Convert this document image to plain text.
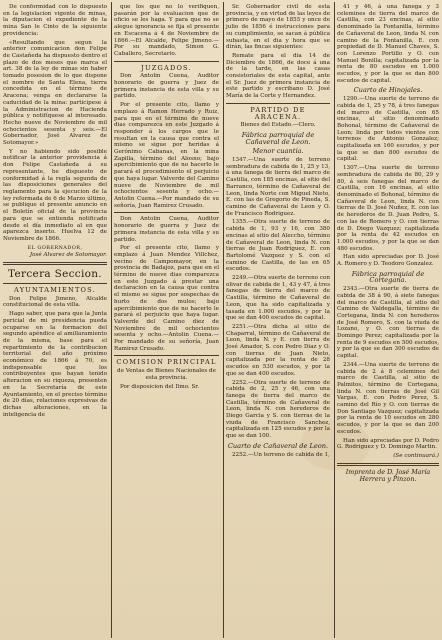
De conformidad con lo dispuesto en la legislacion vigente de minas, la diputacion el expediente de la mina San le Cinto de la siguiente providencia:

«Resultando que segun la anterior comunicacion don Felipe de Castañeda ha dispuesto dentro el plazo de dos meses que marca el art. 38 de la ley de minas sin haber tomado posesion de lo que dispone el nombre de Santa Elena, tierra concedida en el término de Aracena; venga en declararse la caducidad de la mina: participese á la Administracion de Hacienda pública y notifíquese al interesado. Hecho nueve de Noviembre de mil ochocientos sesenta y seis.—El Gobernador, José Alvarez de Sotomayor.»

Y no habiendo sido posible notificar la anterior providencia á don Felipe Castañeda á su representante, he dispuesto de conformidad á la regla segunda de las disposiciones generales del reglamento para la ejecucion de la ley reformada de 6 de Marzo último, se publique el presente anuncio en el Boletín oficial de la provincia para que se entienda notificado desde el día inmediato al en que aparezca inserto. Huelva 12 de Noviembre de 1866.

EL GOBERNADOR,
José Alvarez de Sotomayor.
Tercera Seccion.
AYUNTAMIENTOS.

Don Felipe Jimeno, Alcalde constitucional de esta villa.

Hago saber, que para que la Junta pericial de mi presidencia pueda ocuparse en la formacion del segundo apéndice al amillaramiento de la misma, base para el repartimiento de la contribucion territorial del año próximo económico de 1866 á 70, es indispensable que los contribuyentes que hayan tenido alteracion en su riqueza, presenten en la Secretaría de este Ayuntamiento, en el preciso término de 20 días, relaciones expresivas de dichas alteraciones, en la inteligencia de

que los que no lo verifiquen, pasarán por la evaluacion que de oficio se les haga. Y para que no se alegue ignorancia se fija el presente en Escacena á 4 de Noviembre de 1866.—El Alcalde, Felipe Jimeno.—Por su mandado, Simon G. Caballero, Secretario.

JUZGADOS.

Don Antolin Cuena, Auditor honorario de guerra y Juez de primera instancia de esta villa y su partido.

Por el presente cito, llamo y emplazo á Ramon Herrado y Ruiz, para que en el término de nueve dias comparezca en este Juzgado á responder á los cargos que le resultan en la causa que contra el mismo se sigue por heridas á Gerónimo Cabanas, en la mina Zapilla, término del Alosno; bajo apercibimiento que de no hacerlo le parará el procedimiento el perjuicio que haya lugar. Valverde del Camino nueve de Noviembre de mil ochocientos sesenta y ocho.—Antolin Cuena.—Por mandado de su señoría, Juan Ramirez Crusado.

Don Antolin Cuena, Auditor honorario de guerra y Juez de primera instancia de esta villa y su partido.

Por el presente cito, llamo y emplazo á Juan Mendez Villchez, vecino de Campomayor, en la provincia de Badajoz, para que en el término de nueve dias comparezca en este Juzgado á prestar una declaracion en la causa que contra el mismo se sigue por sospechas de hurto de dos mulos; bajo apercibimiento que de no hacerlo le parará el perjuicio que haya lugar. Valverde del Camino diez de Noviembre de mil ochocientos sesenta y ocho.—Antolin Cuena.—Por mandado de su señoría, Juan Ramirez Crusado.

COMISION PRINCIPAL
de Ventas de Bienes Nacionales de esta provincia.

Por disposicion del Ilmo. Sr.

Sr. Gobernador civil de esta provincia, y en virtud de las leyes de primero de mayo de 1855 y once de julio de 1856 é instrucciones para su cumplimiento, se sacan á pública subasta, en el dia y hora que se dirán, las fincas siguientes:

Remate para el dia 14 de Diciembre de 1866, de doce á una de la tarde, en las casas consistoriales de esta capital, ante el Sr. Juez de primera instancia de este partido y escribano D. José María de la Corte y Hernandez.

PARTIDO DE ARACENA.
Bienes del Estado.—Clero.
Fábrica parroquial de Cañaveral de Leon.
Menor cuantía.

1347.—Una suerte de terreno sembradura de cabida de 1, 25 y 13, á una fanega de tierra del marco de Castilla, con 185 encinas, al sitio del Barranco, término de Cañaveral de Leon, linda Norte con Miguel Nieto, E. con las de Gregorio de Pineda, S. camino de Cañaveral de Leon y O. de Francisco Rodriguez.

1355.—Otra suerte de terreno de cabida de 1, 93 y 16, con 380 encinas al sitio del Aleccho, término de Cañaveral de Leon, linda N. con tierras de Juan Rodriguez, E. con Bartolomé Vazquez y S. con el camino de Castilla, de las en 65 escudos.

2249.—Otra suerte de terreno con olivar de cabida de 1, 43 y 47, á tres fanegas de tierra del marco de Castilla, término de Cañaveral de Leon, que ha sido capitalizada y tasada en 1.000 escudos, y por la que se dan 400 escudos de capital.

2251.—Otra dicha al sitio de Chaparral, término de Cañaveral de Leon, linda N. y E. con tierra de José Amador, S. con Pedro Diaz y O. con tierras de Juan Nieto, capitalizada por la renta de 28 escudos en 530 escudos, y por la que se dan 400 escudos.

2252.—Otra suerte de terreno de cabida de 2, 25 y 46, con una fanega de tierra del marco de Castilla, término de Cañaveral de Leon, linda N. con herederos de Diego Garcia y S. con tierras de la viuda de Francisco Sanchez, capitalizada en 125 escudos y por la que se dan 100.

Cuarto de Cañaveral de Leon.

2252.—Un terreno de cabida de 1,

41 y 46, á una fanega y 3 celemines de tierra del marco de Castilla, con 23 encinas, al sitio denominado la Fontanilla, término de Cañaveral de Leon, linda N. con camino de la Fontanilla, E. con propiedad de D. Manuel Chaves, S. con Lorenzo Portillo y O. con Manuel Bonilla; capitalizada por la renta de 80 escudos en 1.000 escudos, y por la que se dan 800 escudos de capital.

Cuarto de Hinojales.

1290.—Una suerte de terreno de cabida de 1, 25 y 78, á tres fanegas del marco de Castilla, con 65 encinas, al sitio denominado Bohonal, término de Cañaveral de Leon; linda por todos vientos con terrenos de Antonio Gonzalez; capitalizada en 160 escudos, y por la que se dan 800 escudos de capital.

1307.—Una suerte de terreno sembradura de cabida de 80, 29 y 80, á seis fanegas del marco de Castilla, con 16 encinas, al sitio denominado el Bohonal, término de Cañaveral de Leon, linda N. con tierras de D. José Nuñez, E. con las de herederos de D. Juan Pedro, S. con las de Romero y O. con tierras de D. Diego Vazquez; capitalizada por la renta de 42 escudos en 1.000 escudos, y por la que se dan 480 escudos.

Han sido apreciadas por D. José A. Romero y D. Teodoro Gonzalez.

Fábrica parroquial de Cortegana.

2343.—Otra suerte de tierra de cabida de 38 á 90, á siete fanegas del marco de Castilla, al sitio del Camino de Valdegalla, término de Cortegana, linda N. con herederos de José Romero, S. con la viuda de Lozano, y O. con tierras de Domingo Perez; capitalizada por la renta de 9 escudos en 500 escudos, y por la que se dan 300 escudos de capital.

2344.—Una suerte de terreno de cabida de 2 á 8 celemines del marco de Castilla, al sitio de Palmitos, término de Cortegana, linda N. con tierras de José Gil Vargas, E. con Pedro Perez, S. camino del Río y O. con tierras de Don Santiago Vazquez; capitalizada por la renta de 10 escudos en 280 escudos, y por la que se dan 200 escudos.

Han sido apreciadas por D. Pedro G. Rodriguez y D. Domingo Martin.

(Se continuará.)
Imprenta de D. José María
Herrera y Pinzon.
